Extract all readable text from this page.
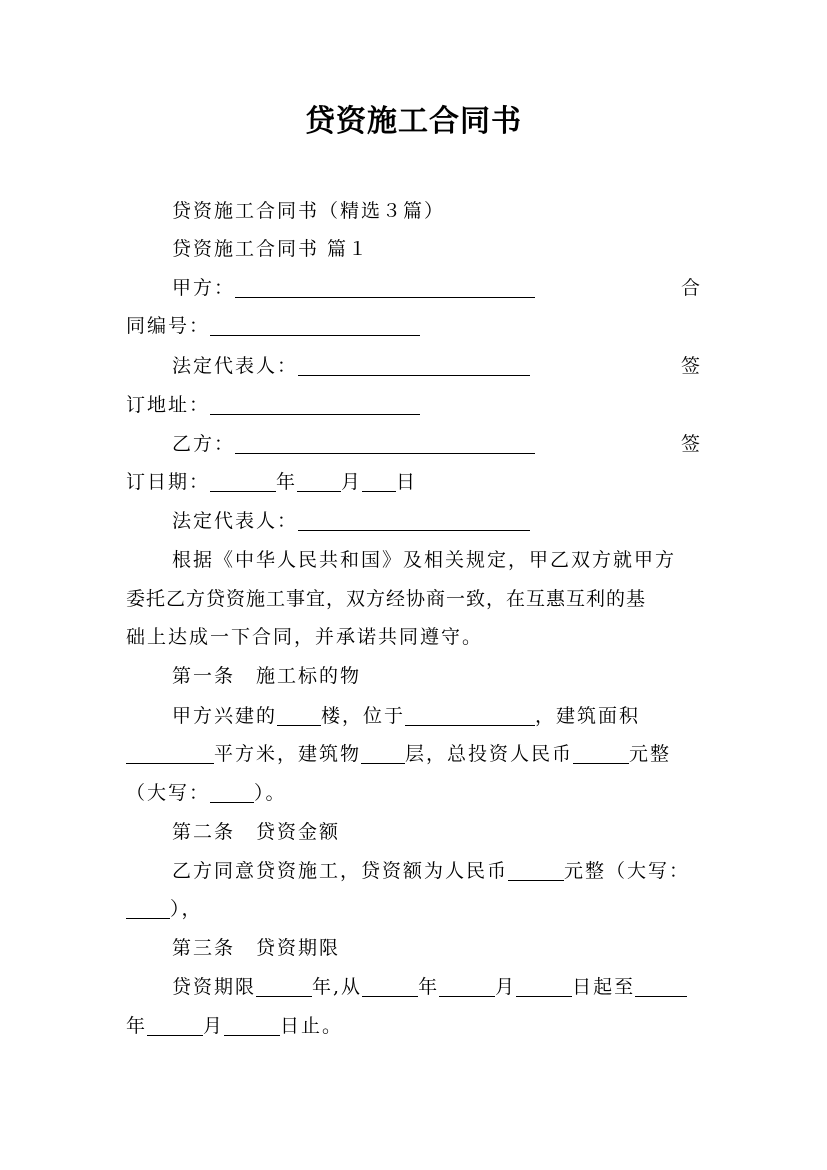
贷资施工合同书
贷资施工合同书（精选３篇）
贷资施工合同书 篇１
甲方：	合
同编号：
法定代表人：	签
订地址：
乙方：	签
订日期：	年 月 日
法定代表人：
根据《中华人民共和国》及相关规定，甲乙双方就甲方
委托乙方贷资施工事宜，双方经协商一致，在互惠互利的基
础上达成一下合同，并承诺共同遵守。
第一条　施工标的物
甲方兴建的 楼，位于	，建筑面积
平方米，建筑物 层，总投资人民币	元整
（大写： ）。
第二条　贷资金额
乙方同意贷资施工，贷资额为人民币	元整（大写：
），
第三条　贷资期限
贷资期限	年,从	年	月	日起至
年	月	日止。
